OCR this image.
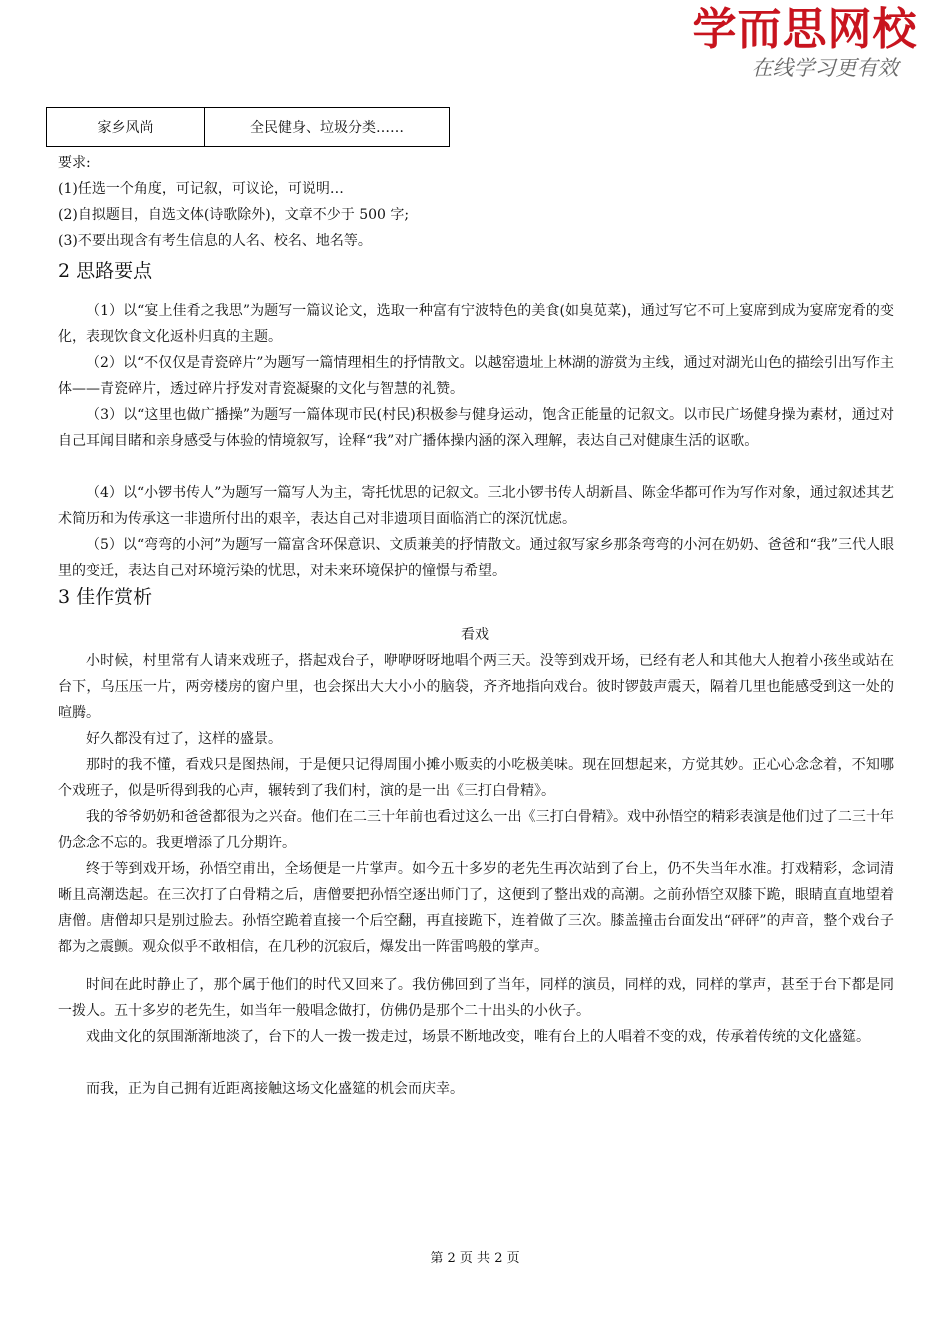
学而思网校
在线学习更有效
家乡风尚	全民健身、垃圾分类……
要求:
(1)任选一个角度，可记叙，可议论，可说明…
(2)自拟题目，自选文体(诗歌除外)，文章不少于 500 字;
(3)不要出现含有考生信息的人名、校名、地名等。
2 思路要点

（1）以“宴上佳肴之我思”为题写一篇议论文，选取一种富有宁波特色的美食(如臭苋菜)，通过写它不可上宴席到成为宴席宠肴的变化，表现饮食文化返朴归真的主题。

（2）以“不仅仅是青瓷碎片”为题写一篇情理相生的抒情散文。以越窑遗址上林湖的游赏为主线，通过对湖光山色的描绘引出写作主体——青瓷碎片，透过碎片抒发对青瓷凝聚的文化与智慧的礼赞。

（3）以“这里也做广播操”为题写一篇体现市民(村民)积极参与健身运动，饱含正能量的记叙文。以市民广场健身操为素材，通过对自己耳闻目睹和亲身感受与体验的情境叙写，诠释“我”对广播体操内涵的深入理解，表达自己对健康生活的讴歌。

（4）以“小锣书传人”为题写一篇写人为主，寄托忧思的记叙文。三北小锣书传人胡新昌、陈金华都可作为写作对象，通过叙述其艺术简历和为传承这一非遗所付出的艰辛，表达自己对非遗项目面临消亡的深沉忧虑。

（5）以“弯弯的小河”为题写一篇富含环保意识、文质兼美的抒情散文。通过叙写家乡那条弯弯的小河在奶奶、爸爸和“我”三代人眼里的变迁，表达自己对环境污染的忧思，对未来环境保护的憧憬与希望。

3 佳作赏析
看戏

小时候，村里常有人请来戏班子，搭起戏台子，咿咿呀呀地唱个两三天。没等到戏开场，已经有老人和其他大人抱着小孩坐或站在台下，乌压压一片，两旁楼房的窗户里，也会探出大大小小的脑袋，齐齐地指向戏台。彼时锣鼓声震天，隔着几里也能感受到这一处的喧腾。

好久都没有过了，这样的盛景。

那时的我不懂，看戏只是图热闹，于是便只记得周围小摊小贩卖的小吃极美味。现在回想起来，方觉其妙。正心心念念着，不知哪个戏班子，似是听得到我的心声，辗转到了我们村，演的是一出《三打白骨精》。

我的爷爷奶奶和爸爸都很为之兴奋。他们在二三十年前也看过这么一出《三打白骨精》。戏中孙悟空的精彩表演是他们过了二三十年仍念念不忘的。我更增添了几分期许。

终于等到戏开场，孙悟空甫出，全场便是一片掌声。如今五十多岁的老先生再次站到了台上，仍不失当年水准。打戏精彩，念词清晰且高潮迭起。在三次打了白骨精之后，唐僧要把孙悟空逐出师门了，这便到了整出戏的高潮。之前孙悟空双膝下跪，眼睛直直地望着唐僧。唐僧却只是别过脸去。孙悟空跪着直接一个后空翻，再直接跪下，连着做了三次。膝盖撞击台面发出“砰砰”的声音，整个戏台子都为之震颤。观众似乎不敢相信，在几秒的沉寂后，爆发出一阵雷鸣般的掌声。

时间在此时静止了，那个属于他们的时代又回来了。我仿佛回到了当年，同样的演员，同样的戏，同样的掌声，甚至于台下都是同一拨人。五十多岁的老先生，如当年一般唱念做打，仿佛仍是那个二十出头的小伙子。

戏曲文化的氛围渐渐地淡了，台下的人一拨一拨走过，场景不断地改变，唯有台上的人唱着不变的戏，传承着传统的文化盛筵。

而我，正为自己拥有近距离接触这场文化盛筵的机会而庆幸。

第 2 页 共 2 页
